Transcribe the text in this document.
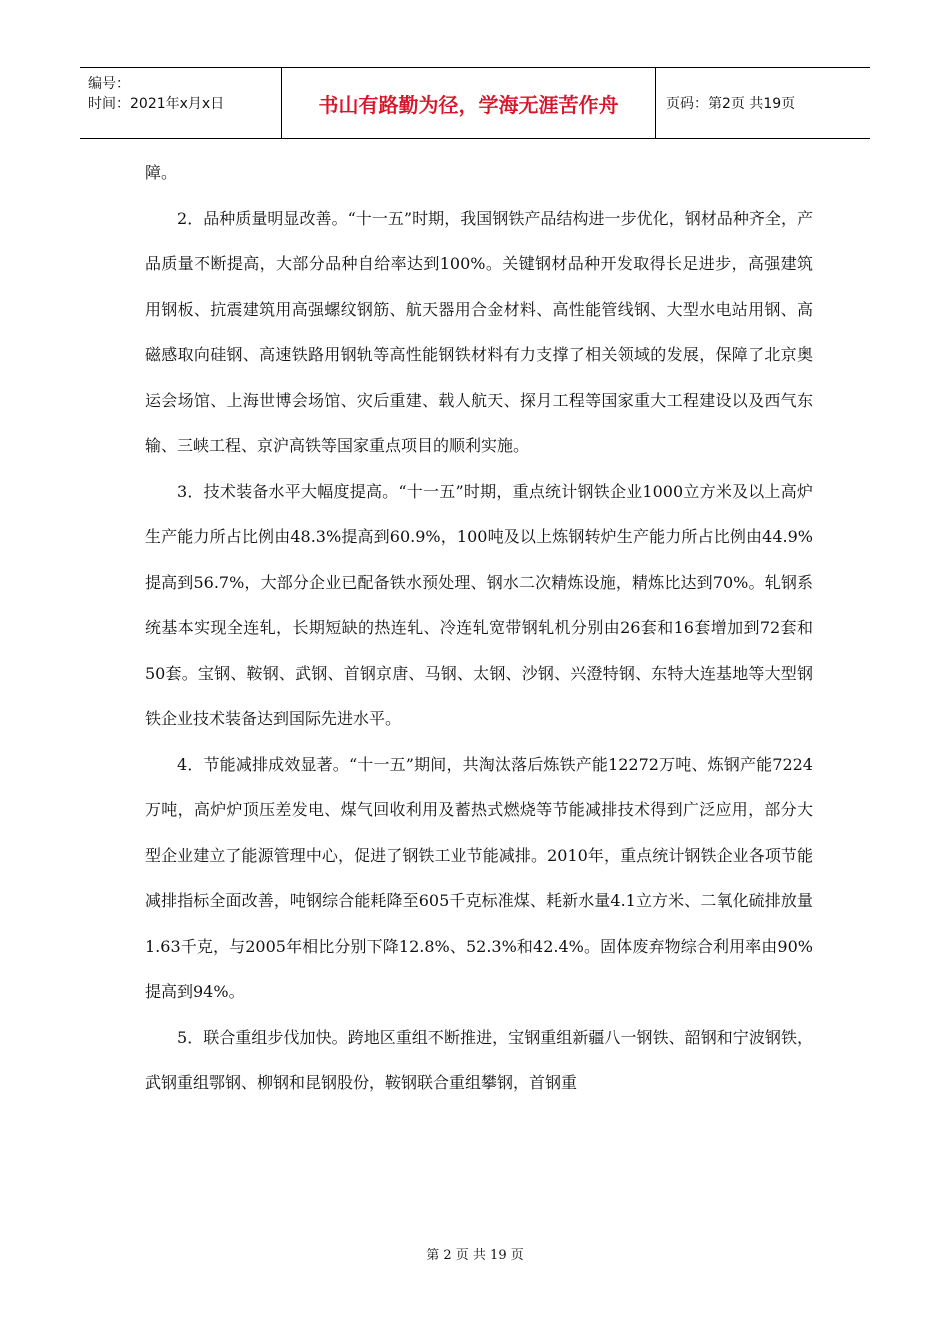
编号：
时间：2021年x月x日	书山有路勤为径，学海无涯苦作舟	页码：第2页 共19页

障。

2．品种质量明显改善。“十一五”时期，我国钢铁产品结构进一步优化，钢材品种齐全，产品质量不断提高，大部分品种自给率达到100%。关键钢材品种开发取得长足进步，高强建筑用钢板、抗震建筑用高强螺纹钢筋、航天器用合金材料、高性能管线钢、大型水电站用钢、高磁感取向硅钢、高速铁路用钢轨等高性能钢铁材料有力支撑了相关领域的发展，保障了北京奥运会场馆、上海世博会场馆、灾后重建、载人航天、探月工程等国家重大工程建设以及西气东输、三峡工程、京沪高铁等国家重点项目的顺利实施。

3．技术装备水平大幅度提高。“十一五”时期，重点统计钢铁企业1000立方米及以上高炉生产能力所占比例由48.3%提高到60.9%，100吨及以上炼钢转炉生产能力所占比例由44.9%提高到56.7%，大部分企业已配备铁水预处理、钢水二次精炼设施，精炼比达到70%。轧钢系统基本实现全连轧，长期短缺的热连轧、冷连轧宽带钢轧机分别由26套和16套增加到72套和50套。宝钢、鞍钢、武钢、首钢京唐、马钢、太钢、沙钢、兴澄特钢、东特大连基地等大型钢铁企业技术装备达到国际先进水平。

4．节能减排成效显著。“十一五”期间，共淘汰落后炼铁产能12272万吨、炼钢产能7224万吨，高炉炉顶压差发电、煤气回收利用及蓄热式燃烧等节能减排技术得到广泛应用，部分大型企业建立了能源管理中心，促进了钢铁工业节能减排。2010年，重点统计钢铁企业各项节能减排指标全面改善，吨钢综合能耗降至605千克标准煤、耗新水量4.1立方米、二氧化硫排放量1.63千克，与2005年相比分别下降12.8%、52.3%和42.4%。固体废弃物综合利用率由90%提高到94%。

5．联合重组步伐加快。跨地区重组不断推进，宝钢重组新疆八一钢铁、韶钢和宁波钢铁，武钢重组鄂钢、柳钢和昆钢股份，鞍钢联合重组攀钢，首钢重

第 2 页 共 19 页
